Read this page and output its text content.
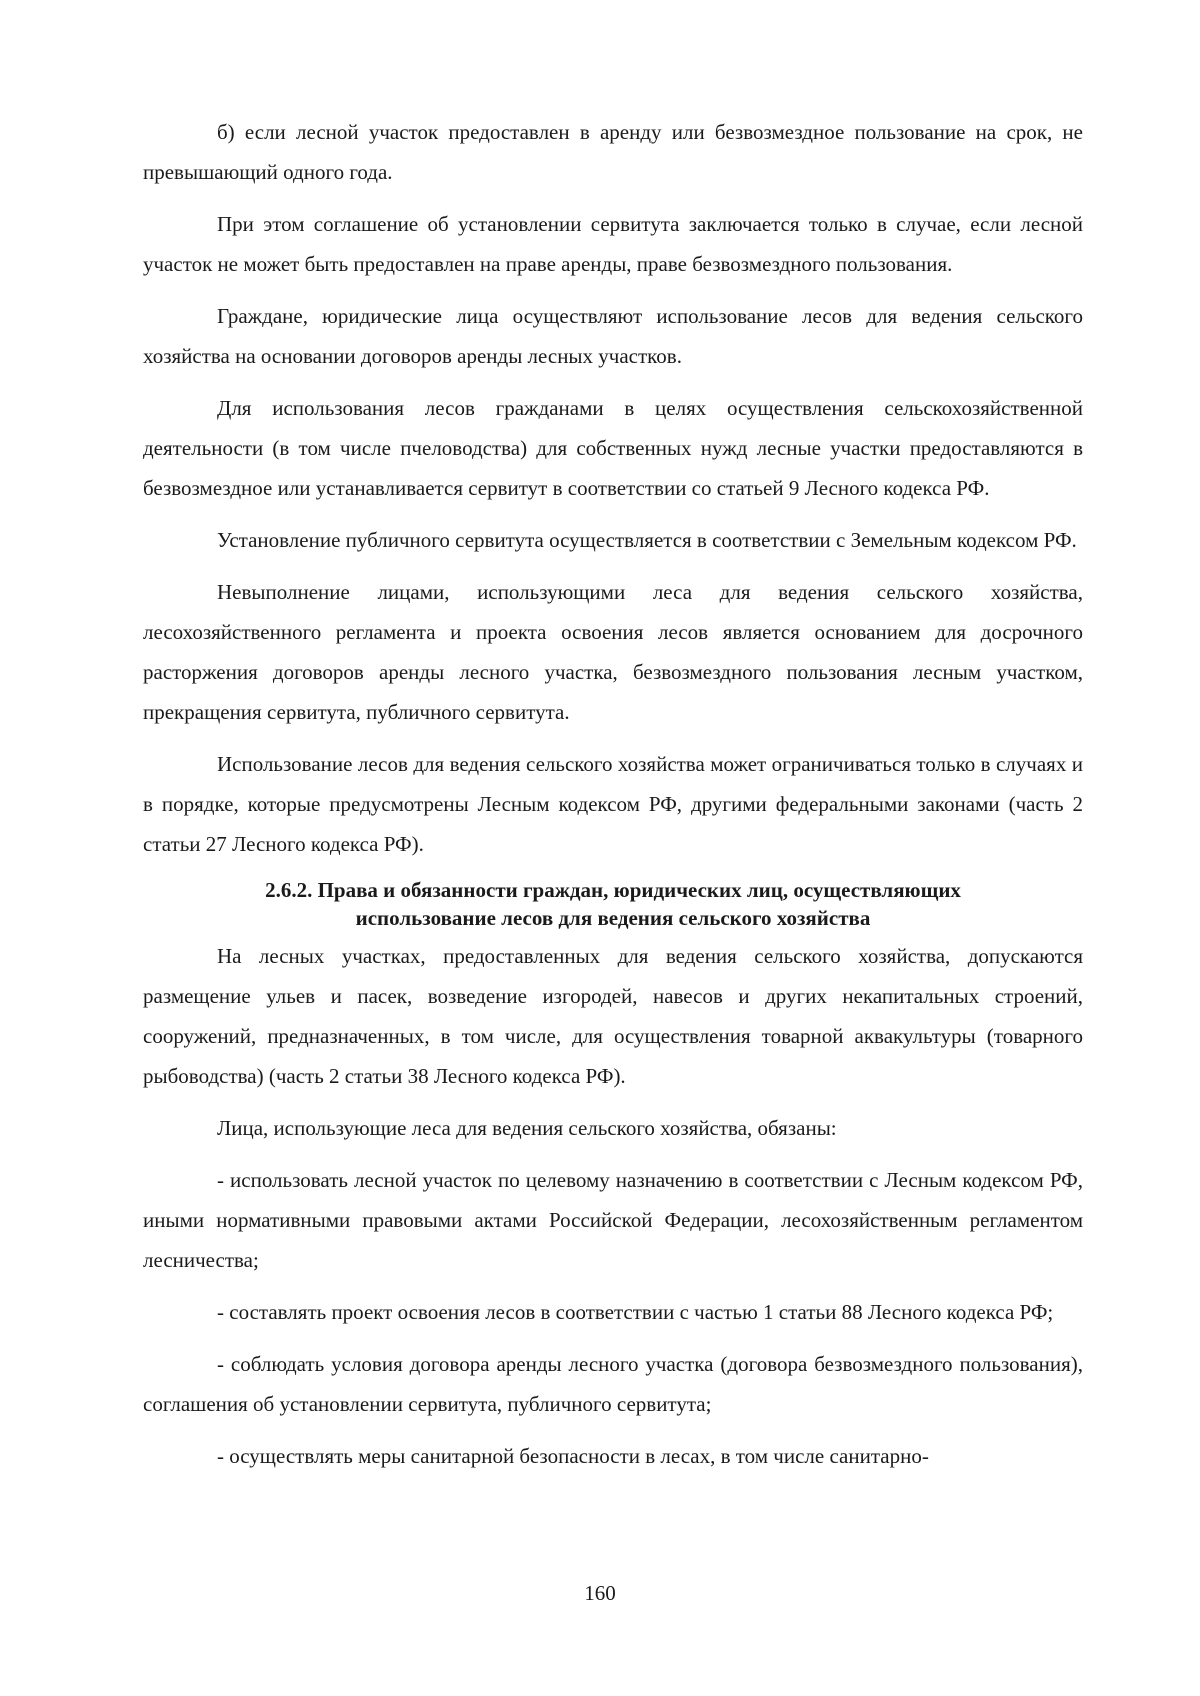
б) если лесной участок предоставлен в аренду или безвозмездное пользование на срок, не превышающий одного года.

При этом соглашение об установлении сервитута заключается только в случае, если лесной участок не может быть предоставлен на праве аренды, праве безвозмездного пользования.

Граждане, юридические лица осуществляют использование лесов для ведения сельского хозяйства на основании договоров аренды лесных участков.

Для использования лесов гражданами в целях осуществления сельскохозяйственной деятельности (в том числе пчеловодства) для собственных нужд лесные участки предоставляются в безвозмездное или устанавливается сервитут в соответствии со статьей 9 Лесного кодекса РФ.

Установление публичного сервитута осуществляется в соответствии с Земельным кодексом РФ.

Невыполнение лицами, использующими леса для ведения сельского хозяйства, лесохозяйственного регламента и проекта освоения лесов является основанием для досрочного расторжения договоров аренды лесного участка, безвозмездного пользования лесным участком, прекращения сервитута, публичного сервитута.

Использование лесов для ведения сельского хозяйства может ограничиваться только в случаях и в порядке, которые предусмотрены Лесным кодексом РФ, другими федеральными законами (часть 2 статьи 27 Лесного кодекса РФ).

2.6.2. Права и обязанности граждан, юридических лиц, осуществляющих
использование лесов для ведения сельского хозяйства

На лесных участках, предоставленных для ведения сельского хозяйства, допускаются размещение ульев и пасек, возведение изгородей, навесов и других некапитальных строений, сооружений, предназначенных, в том числе, для осуществления товарной аквакультуры (товарного рыбоводства) (часть 2 статьи 38 Лесного кодекса РФ).

Лица, использующие леса для ведения сельского хозяйства, обязаны:

- использовать лесной участок по целевому назначению в соответствии с Лесным кодексом РФ, иными нормативными правовыми актами Российской Федерации, лесохозяйственным регламентом лесничества;

- составлять проект освоения лесов в соответствии с частью 1 статьи 88 Лесного кодекса РФ;

- соблюдать условия договора аренды лесного участка (договора безвозмездного пользования), соглашения об установлении сервитута, публичного сервитута;

- осуществлять меры санитарной безопасности в лесах, в том числе санитарно-

160
